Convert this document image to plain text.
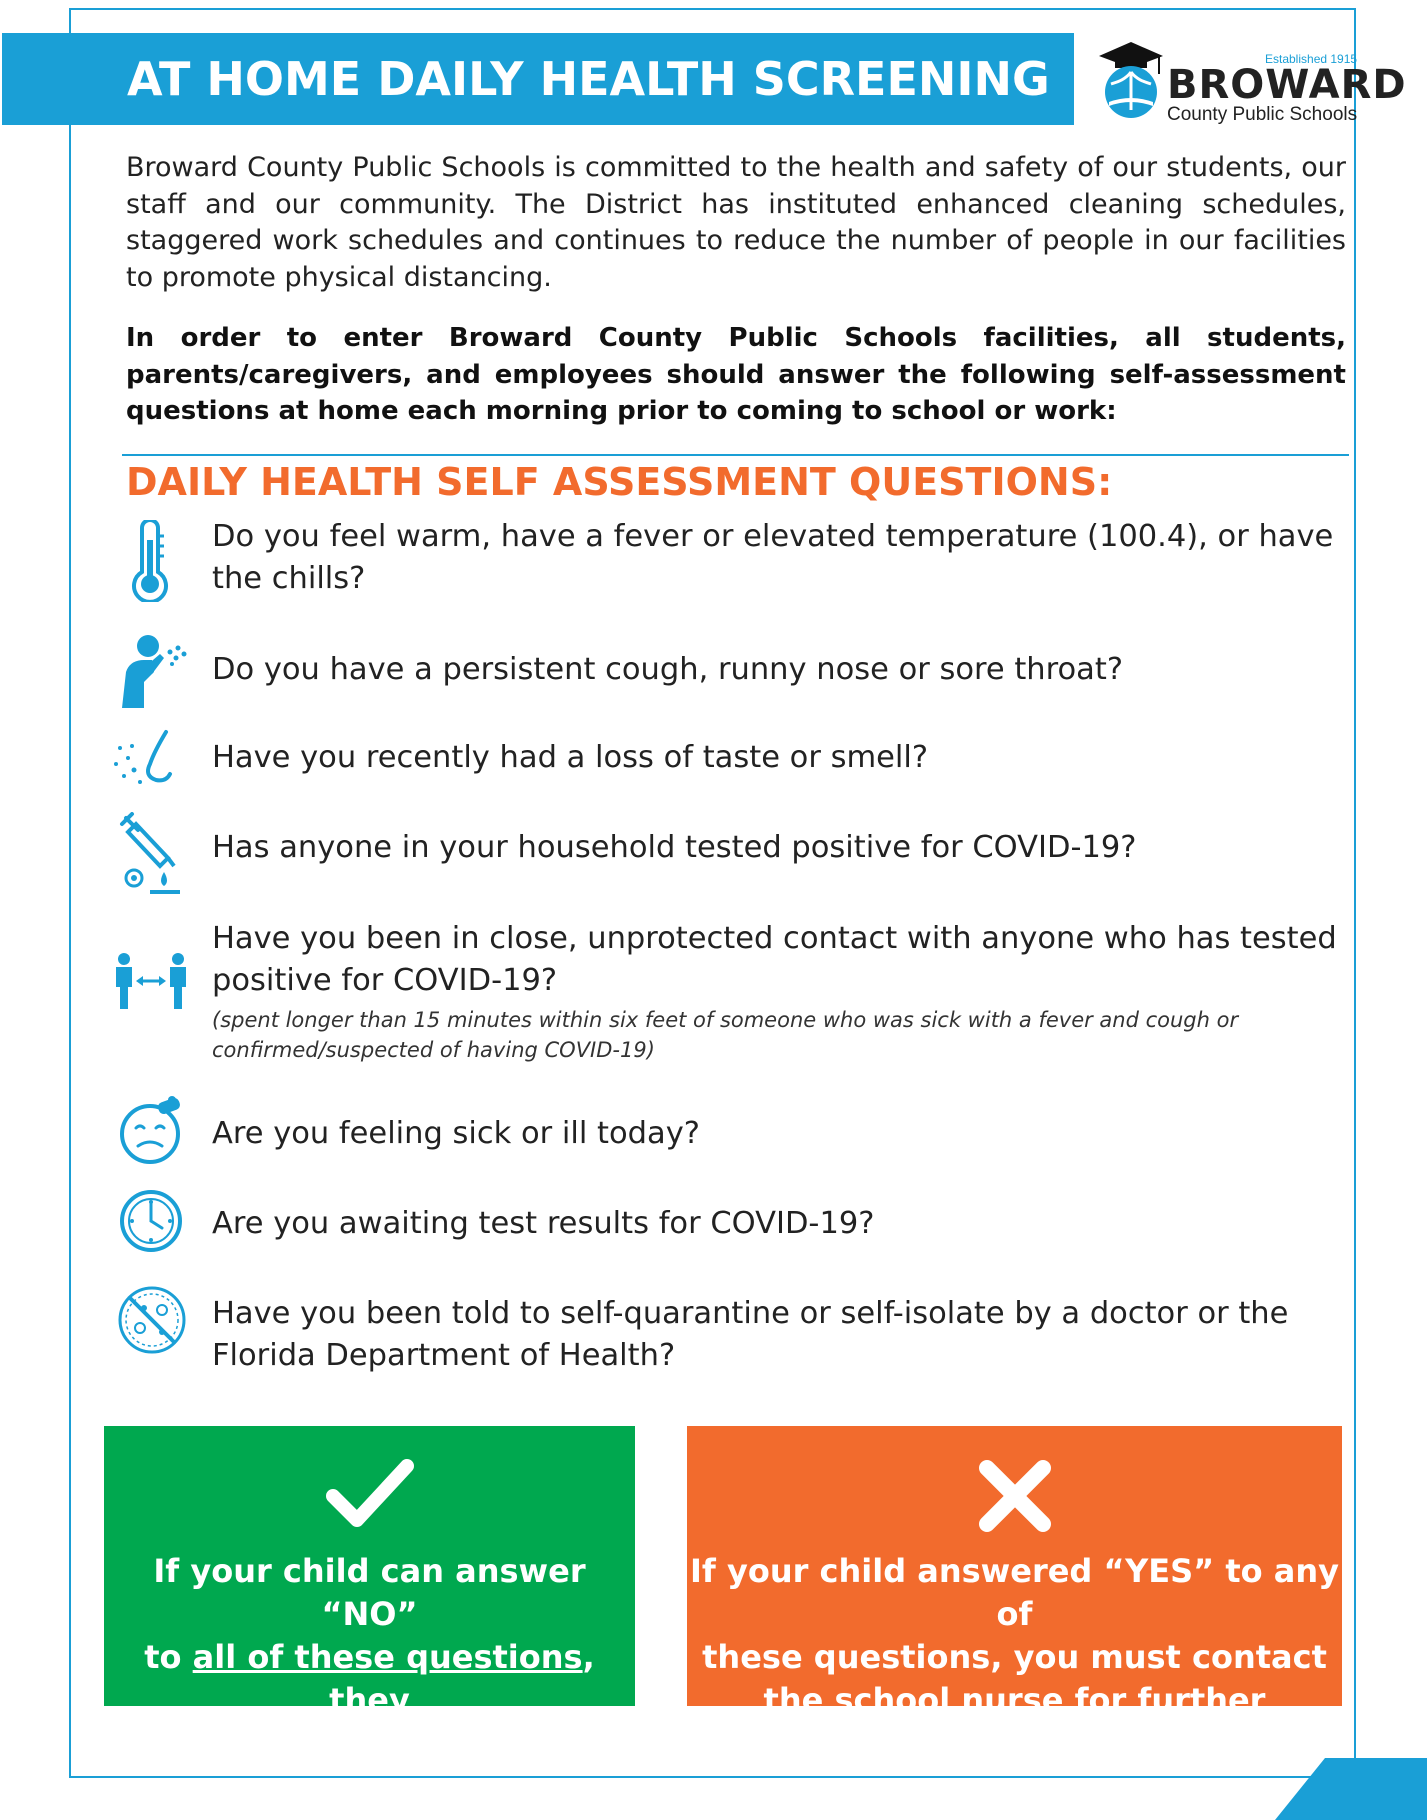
AT HOME DAILY HEALTH SCREENING	Established 1915
BROWARD
County Public Schools

Broward County Public Schools is committed to the health and safety of our students, our staff and our community. The District has instituted enhanced cleaning schedules, staggered work schedules and continues to reduce the number of people in our facilities to promote physical distancing.

In order to enter Broward County Public Schools facilities, all students, parents/caregivers, and employees should answer the following self-assessment questions at home each morning prior to coming to school or work:

DAILY HEALTH SELF ASSESSMENT QUESTIONS:

Do you feel warm, have a fever or elevated temperature (100.4), or have the chills?

Do you have a persistent cough, runny nose or sore throat?

Have you recently had a loss of taste or smell?

Has anyone in your household tested positive for COVID-19?

Have you been in close, unprotected contact with anyone who has tested positive for COVID-19?

(spent longer than 15 minutes within six feet of someone who was sick with a fever and cough or confirmed/suspected of having COVID-19)

Are you feeling sick or ill today?

Are you awaiting test results for COVID-19?

Have you been told to self-quarantine or self-isolate by a doctor or the Florida Department of Health?

If your child can answer “NO”
to all of these questions, they
may proceed to school.

If your child answered “YES” to any of
these questions, you must contact
the school nurse for further guidance.
